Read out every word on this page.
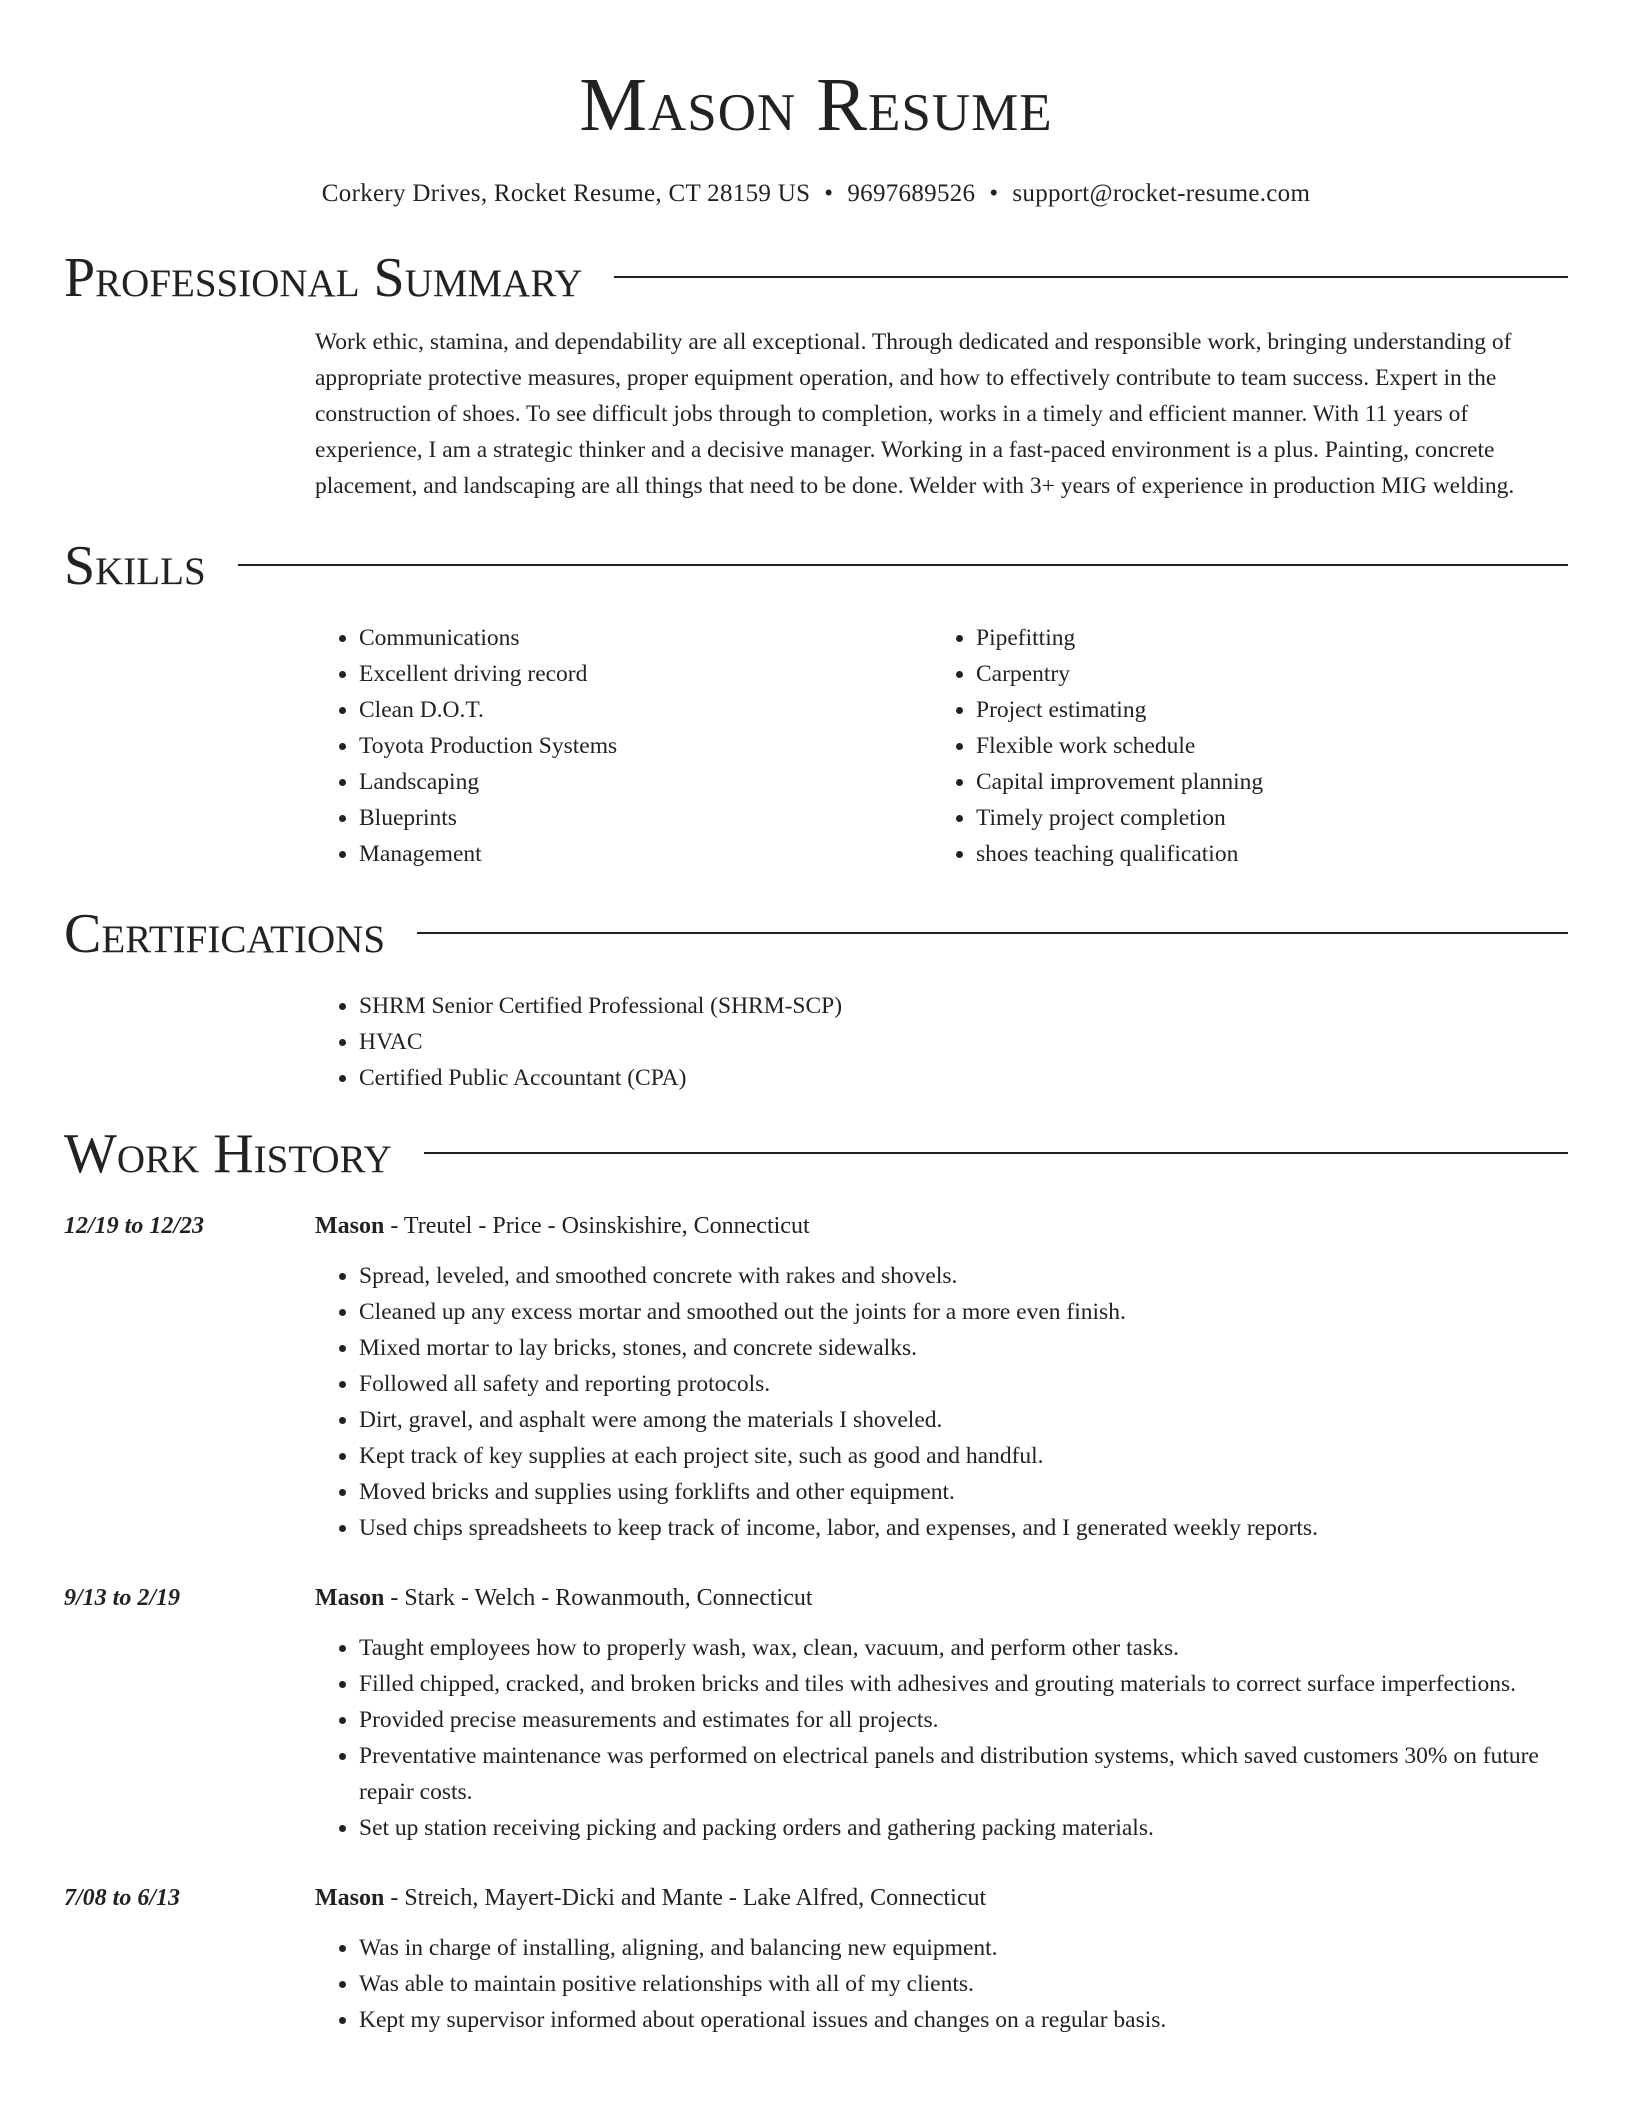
Mason Resume
Corkery Drives, Rocket Resume, CT 28159 US • 9697689526 • support@rocket-resume.com
Professional Summary

Work ethic, stamina, and dependability are all exceptional. Through dedicated and responsible work, bringing understanding of appropriate protective measures, proper equipment operation, and how to effectively contribute to team success. Expert in the construction of shoes. To see difficult jobs through to completion, works in a timely and efficient manner. With 11 years of experience, I am a strategic thinker and a decisive manager. Working in a fast-paced environment is a plus. Painting, concrete placement, and landscaping are all things that need to be done. Welder with 3+ years of experience in production MIG welding.

Skills
• Communications
• Excellent driving record
• Clean D.O.T.
• Toyota Production Systems
• Landscaping
• Blueprints
• Management
• Pipefitting
• Carpentry
• Project estimating
• Flexible work schedule
• Capital improvement planning
• Timely project completion
• shoes teaching qualification
Certifications
• SHRM Senior Certified Professional (SHRM-SCP)
• HVAC
• Certified Public Accountant (CPA)
Work History
12/19 to 12/23	Mason - Treutel - Price - Osinskishire, Connecticut
• Spread, leveled, and smoothed concrete with rakes and shovels.
• Cleaned up any excess mortar and smoothed out the joints for a more even finish.
• Mixed mortar to lay bricks, stones, and concrete sidewalks.
• Followed all safety and reporting protocols.
• Dirt, gravel, and asphalt were among the materials I shoveled.
• Kept track of key supplies at each project site, such as good and handful.
• Moved bricks and supplies using forklifts and other equipment.
• Used chips spreadsheets to keep track of income, labor, and expenses, and I generated weekly reports.
9/13 to 2/19	Mason - Stark - Welch - Rowanmouth, Connecticut
• Taught employees how to properly wash, wax, clean, vacuum, and perform other tasks.
• Filled chipped, cracked, and broken bricks and tiles with adhesives and grouting materials to correct surface imperfections.
• Provided precise measurements and estimates for all projects.
• Preventative maintenance was performed on electrical panels and distribution systems, which saved customers 30% on future repair costs.
• Set up station receiving picking and packing orders and gathering packing materials.
7/08 to 6/13	Mason - Streich, Mayert-Dicki and Mante - Lake Alfred, Connecticut
• Was in charge of installing, aligning, and balancing new equipment.
• Was able to maintain positive relationships with all of my clients.
• Kept my supervisor informed about operational issues and changes on a regular basis.
